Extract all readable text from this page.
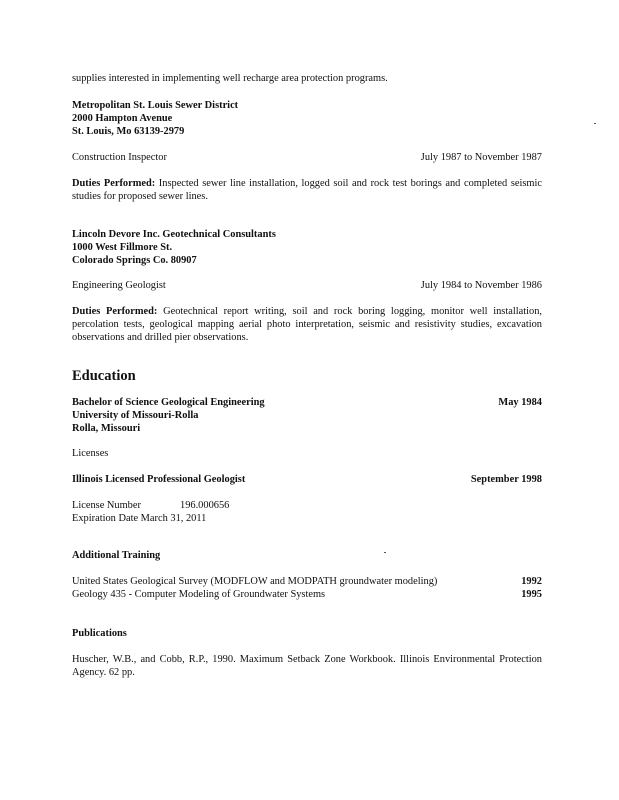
supplies interested in implementing well recharge area protection programs.
Metropolitan St. Louis Sewer District
2000 Hampton Avenue
St. Louis, Mo 63139-2979
Construction Inspector	July 1987 to November 1987
Duties Performed: Inspected sewer line installation, logged soil and rock test borings and completed seismic studies for proposed sewer lines.
Lincoln Devore Inc. Geotechnical Consultants
1000 West Fillmore St.
Colorado Springs Co. 80907
Engineering Geologist	July 1984 to November 1986
Duties Performed: Geotechnical report writing, soil and rock boring logging, monitor well installation, percolation tests, geological mapping aerial photo interpretation, seismic and resistivity studies, excavation observations and drilled pier observations.
Education
Bachelor of Science Geological Engineering	May 1984
University of Missouri-Rolla
Rolla, Missouri
Licenses
Illinois Licensed Professional Geologist	September 1998
License Number	196.000656
Expiration Date March 31, 2011
Additional Training
United States Geological Survey (MODFLOW and MODPATH groundwater modeling)	1992
Geology 435 - Computer Modeling of Groundwater Systems	1995
Publications
Huscher, W.B., and Cobb, R.P., 1990. Maximum Setback Zone Workbook. Illinois Environmental Protection Agency. 62 pp.
